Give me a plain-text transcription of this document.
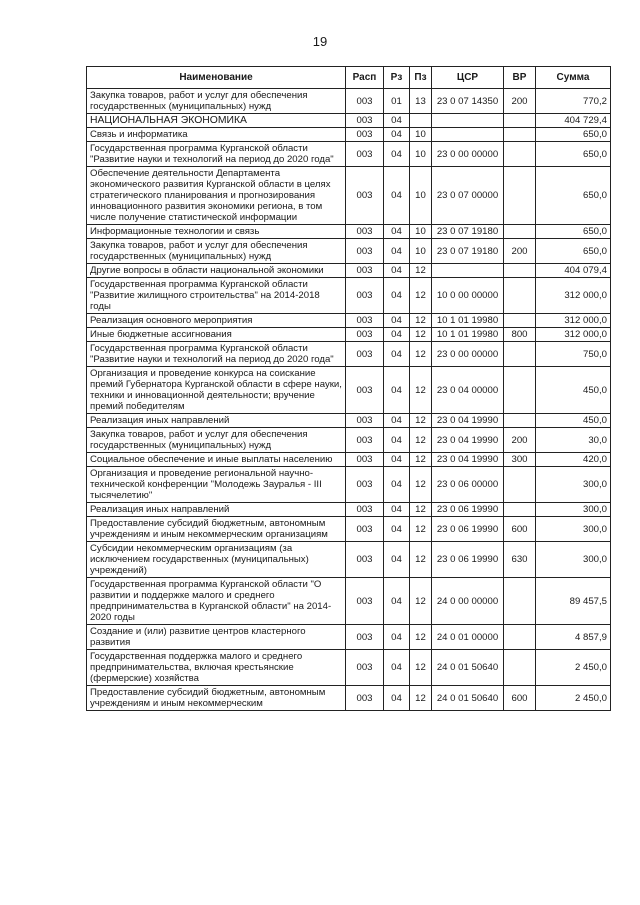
19
Наименование	Расп	Рз	Пз	ЦСР	ВР	Сумма
Закупка товаров, работ и услуг для обеспечения государственных (муниципальных) нужд	003	01	13	23 0 07 14350	200	770,2
НАЦИОНАЛЬНАЯ ЭКОНОМИКА	003	04				404 729,4
Связь и информатика	003	04	10			650,0
Государственная программа Курганской области "Развитие науки и технологий на период до 2020 года"	003	04	10	23 0 00 00000		650,0
Обеспечение деятельности Департамента экономического развития Курганской области в целях стратегического планирования и прогнозирования инновационного развития экономики региона, в том числе получение статистической информации	003	04	10	23 0 07 00000		650,0
Информационные технологии и связь	003	04	10	23 0 07 19180		650,0
Закупка товаров, работ и услуг для обеспечения государственных (муниципальных) нужд	003	04	10	23 0 07 19180	200	650,0
Другие вопросы в области национальной экономики	003	04	12			404 079,4
Государственная программа Курганской области "Развитие жилищного строительства" на 2014-2018 годы	003	04	12	10 0 00 00000		312 000,0
Реализация основного мероприятия	003	04	12	10 1 01 19980		312 000,0
Иные бюджетные ассигнования	003	04	12	10 1 01 19980	800	312 000,0
Государственная программа Курганской области "Развитие науки и технологий на период до 2020 года"	003	04	12	23 0 00 00000		750,0
Организация и проведение конкурса на соискание премий Губернатора Курганской области в сфере науки, техники и инновационной деятельности; вручение премий победителям	003	04	12	23 0 04 00000		450,0
Реализация иных направлений	003	04	12	23 0 04 19990		450,0
Закупка товаров, работ и услуг для обеспечения государственных (муниципальных) нужд	003	04	12	23 0 04 19990	200	30,0
Социальное обеспечение и иные выплаты населению	003	04	12	23 0 04 19990	300	420,0
Организация и проведение региональной научно-технической конференции "Молодежь Зауралья - III тысячелетию"	003	04	12	23 0 06 00000		300,0
Реализация иных направлений	003	04	12	23 0 06 19990		300,0
Предоставление субсидий бюджетным, автономным учреждениям и иным некоммерческим организациям	003	04	12	23 0 06 19990	600	300,0
Субсидии некоммерческим организациям (за исключением государственных (муниципальных) учреждений)	003	04	12	23 0 06 19990	630	300,0
Государственная программа Курганской области "О развитии и поддержке малого и среднего предпринимательства в Курганской области" на 2014-2020 годы	003	04	12	24 0 00 00000		89 457,5
Создание и (или) развитие центров кластерного развития	003	04	12	24 0 01 00000		4 857,9
Государственная поддержка малого и среднего предпринимательства, включая крестьянские (фермерские) хозяйства	003	04	12	24 0 01 50640		2 450,0
Предоставление субсидий бюджетным, автономным учреждениям и иным некоммерческим	003	04	12	24 0 01 50640	600	2 450,0
